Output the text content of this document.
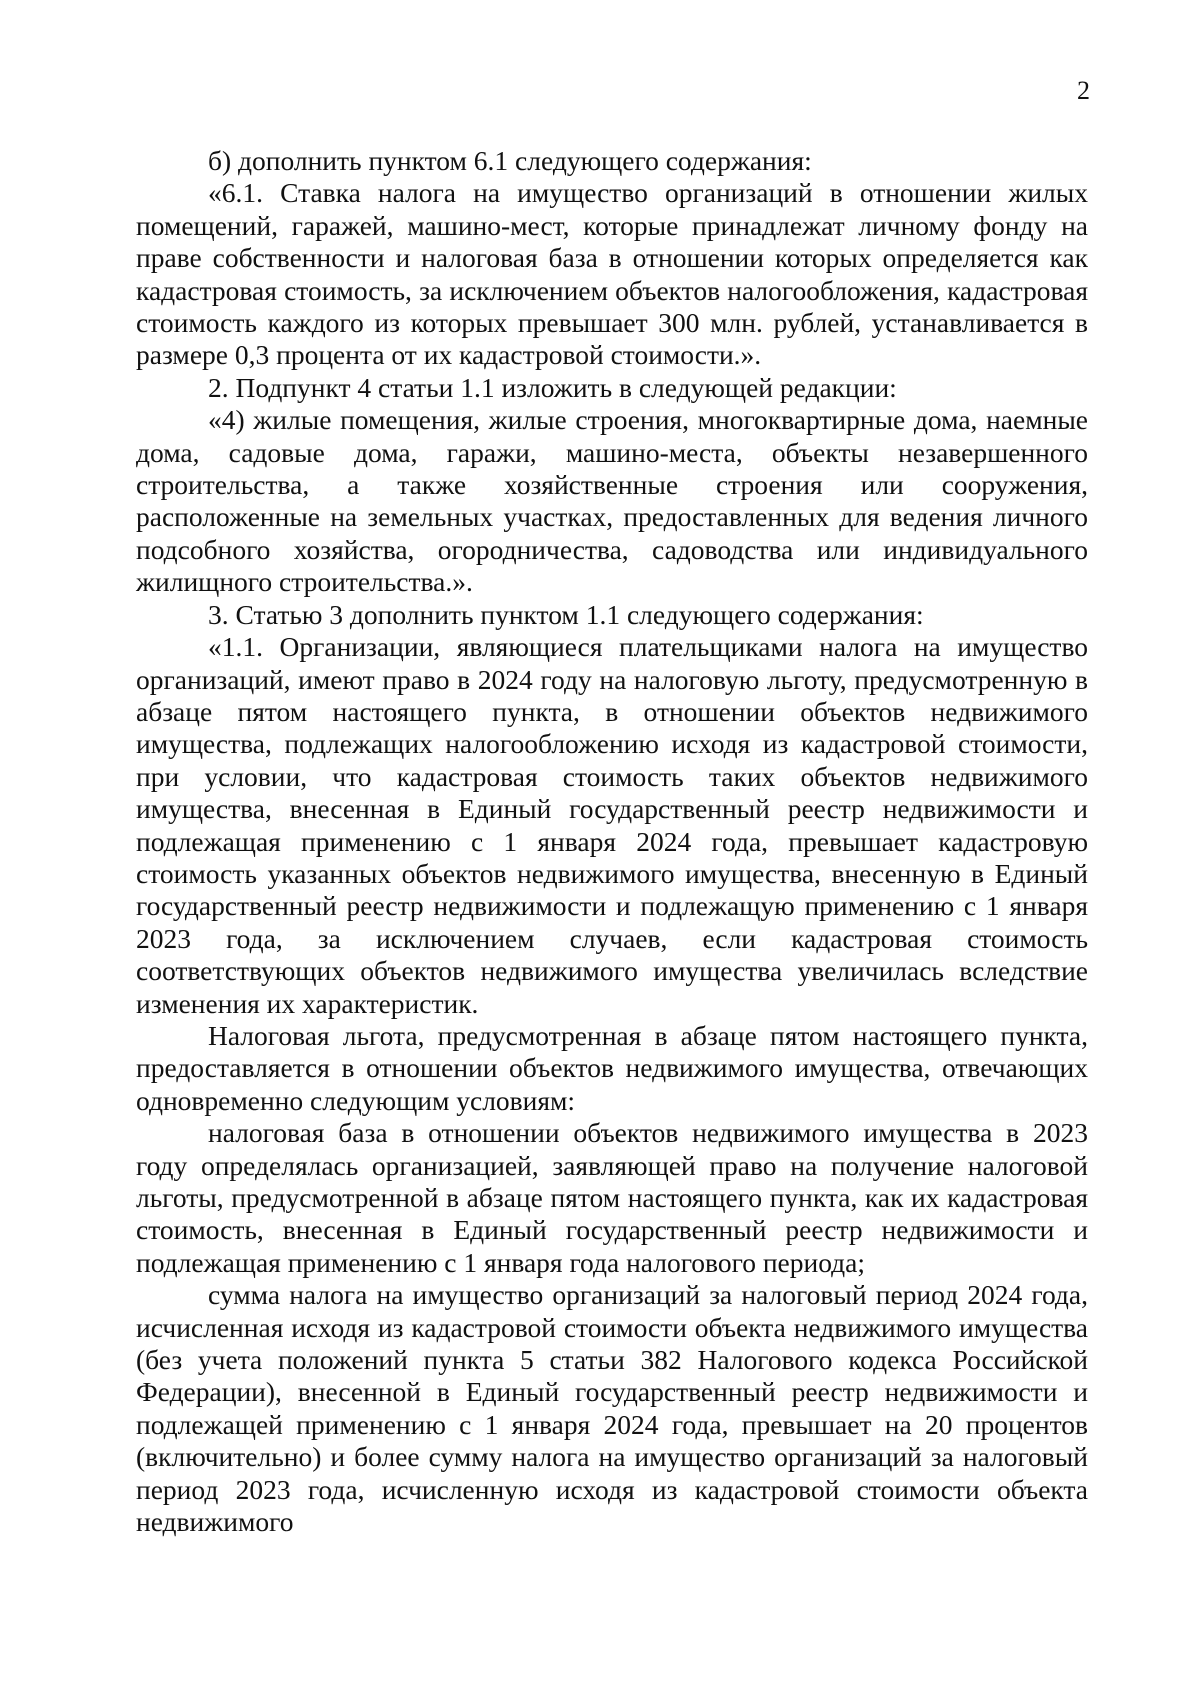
2

б) дополнить пунктом 6.1 следующего содержания:

«6.1. Ставка налога на имущество организаций в отношении жилых помещений, гаражей, машино-мест, которые принадлежат личному фонду на праве собственности и налоговая база в отношении которых определяется как кадастровая стоимость, за исключением объектов налогообложения, кадастровая стоимость каждого из которых превышает 300 млн. рублей, устанавливается в размере 0,3 процента от их кадастровой стоимости.».

2. Подпункт 4 статьи 1.1 изложить в следующей редакции:

«4) жилые помещения, жилые строения, многоквартирные дома, наемные дома, садовые дома, гаражи, машино-места, объекты незавершенного строительства, а также хозяйственные строения или сооружения, расположенные на земельных участках, предоставленных для ведения личного подсобного хозяйства, огородничества, садоводства или индивидуального жилищного строительства.».

3. Статью 3 дополнить пунктом 1.1 следующего содержания:

«1.1. Организации, являющиеся плательщиками налога на имущество организаций, имеют право в 2024 году на налоговую льготу, предусмотренную в абзаце пятом настоящего пункта, в отношении объектов недвижимого имущества, подлежащих налогообложению исходя из кадастровой стоимости, при условии, что кадастровая стоимость таких объектов недвижимого имущества, внесенная в Единый государственный реестр недвижимости и подлежащая применению с 1 января 2024 года, превышает кадастровую стоимость указанных объектов недвижимого имущества, внесенную в Единый государственный реестр недвижимости и подлежащую применению с 1 января 2023 года, за исключением случаев, если кадастровая стоимость соответствующих объектов недвижимого имущества увеличилась вследствие изменения их характеристик.

Налоговая льгота, предусмотренная в абзаце пятом настоящего пункта, предоставляется в отношении объектов недвижимого имущества, отвечающих одновременно следующим условиям:

налоговая база в отношении объектов недвижимого имущества в 2023 году определялась организацией, заявляющей право на получение налоговой льготы, предусмотренной в абзаце пятом настоящего пункта, как их кадастровая стоимость, внесенная в Единый государственный реестр недвижимости и подлежащая применению с 1 января года налогового периода;

сумма налога на имущество организаций за налоговый период 2024 года, исчисленная исходя из кадастровой стоимости объекта недвижимого имущества (без учета положений пункта 5 статьи 382 Налогового кодекса Российской Федерации), внесенной в Единый государственный реестр недвижимости и подлежащей применению с 1 января 2024 года, превышает на 20 процентов (включительно) и более сумму налога на имущество организаций за налоговый период 2023 года, исчисленную исходя из кадастровой стоимости объекта недвижимого
